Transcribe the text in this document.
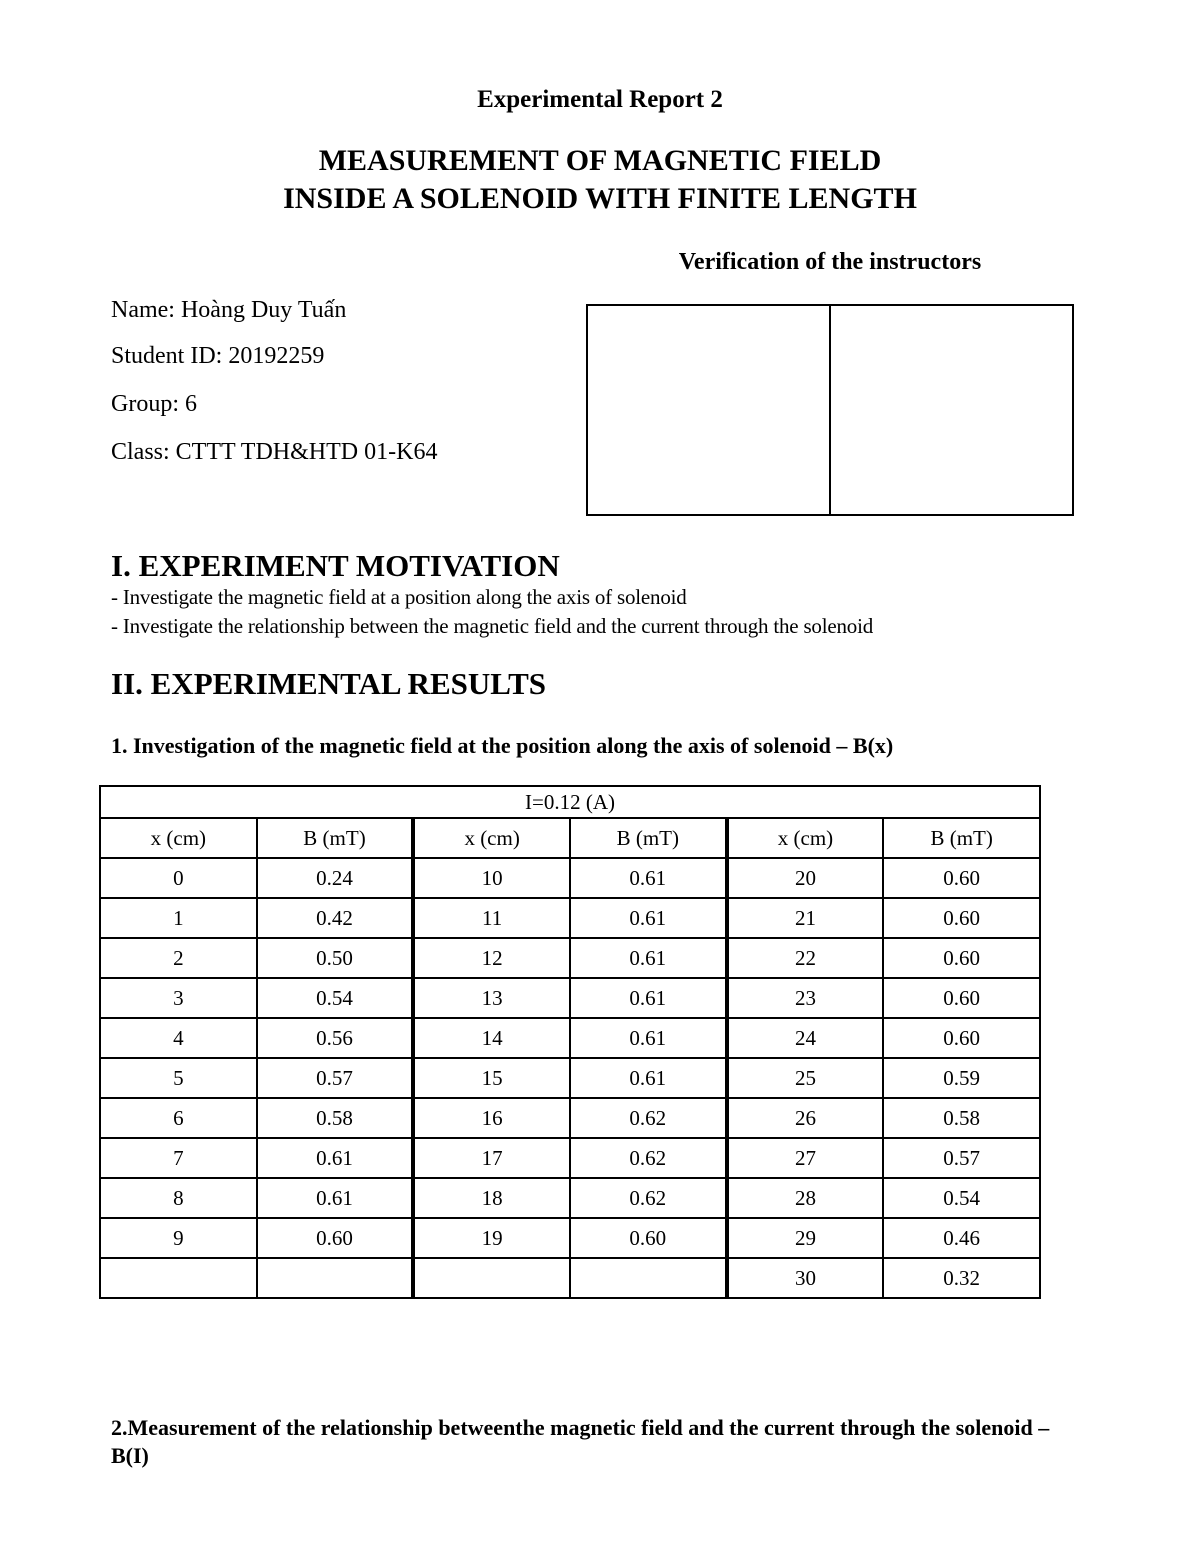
Experimental Report 2
MEASUREMENT OF MAGNETIC FIELD
INSIDE A SOLENOID WITH FINITE LENGTH
Verification of the instructors
Name: Hoàng Duy Tuấn
Student ID: 20192259
Group: 6
Class: CTTT TDH&HTD 01-K64
I. EXPERIMENT MOTIVATION
- Investigate the magnetic field at a position along the axis of solenoid
- Investigate the relationship between the magnetic field and the current through the solenoid
II. EXPERIMENTAL RESULTS
1. Investigation of the magnetic field at the position along the axis of solenoid – B(x)
I=0.12 (A)					
x (cm)	B (mT)	x (cm)	B (mT)	x (cm)	B (mT)
0	0.24	10	0.61	20	0.60
1	0.42	11	0.61	21	0.60
2	0.50	12	0.61	22	0.60
3	0.54	13	0.61	23	0.60
4	0.56	14	0.61	24	0.60
5	0.57	15	0.61	25	0.59
6	0.58	16	0.62	26	0.58
7	0.61	17	0.62	27	0.57
8	0.61	18	0.62	28	0.54
9	0.60	19	0.60	29	0.46
				30	0.32
2.Measurement of the relationship betweenthe magnetic field and the current through the solenoid – B(I)
